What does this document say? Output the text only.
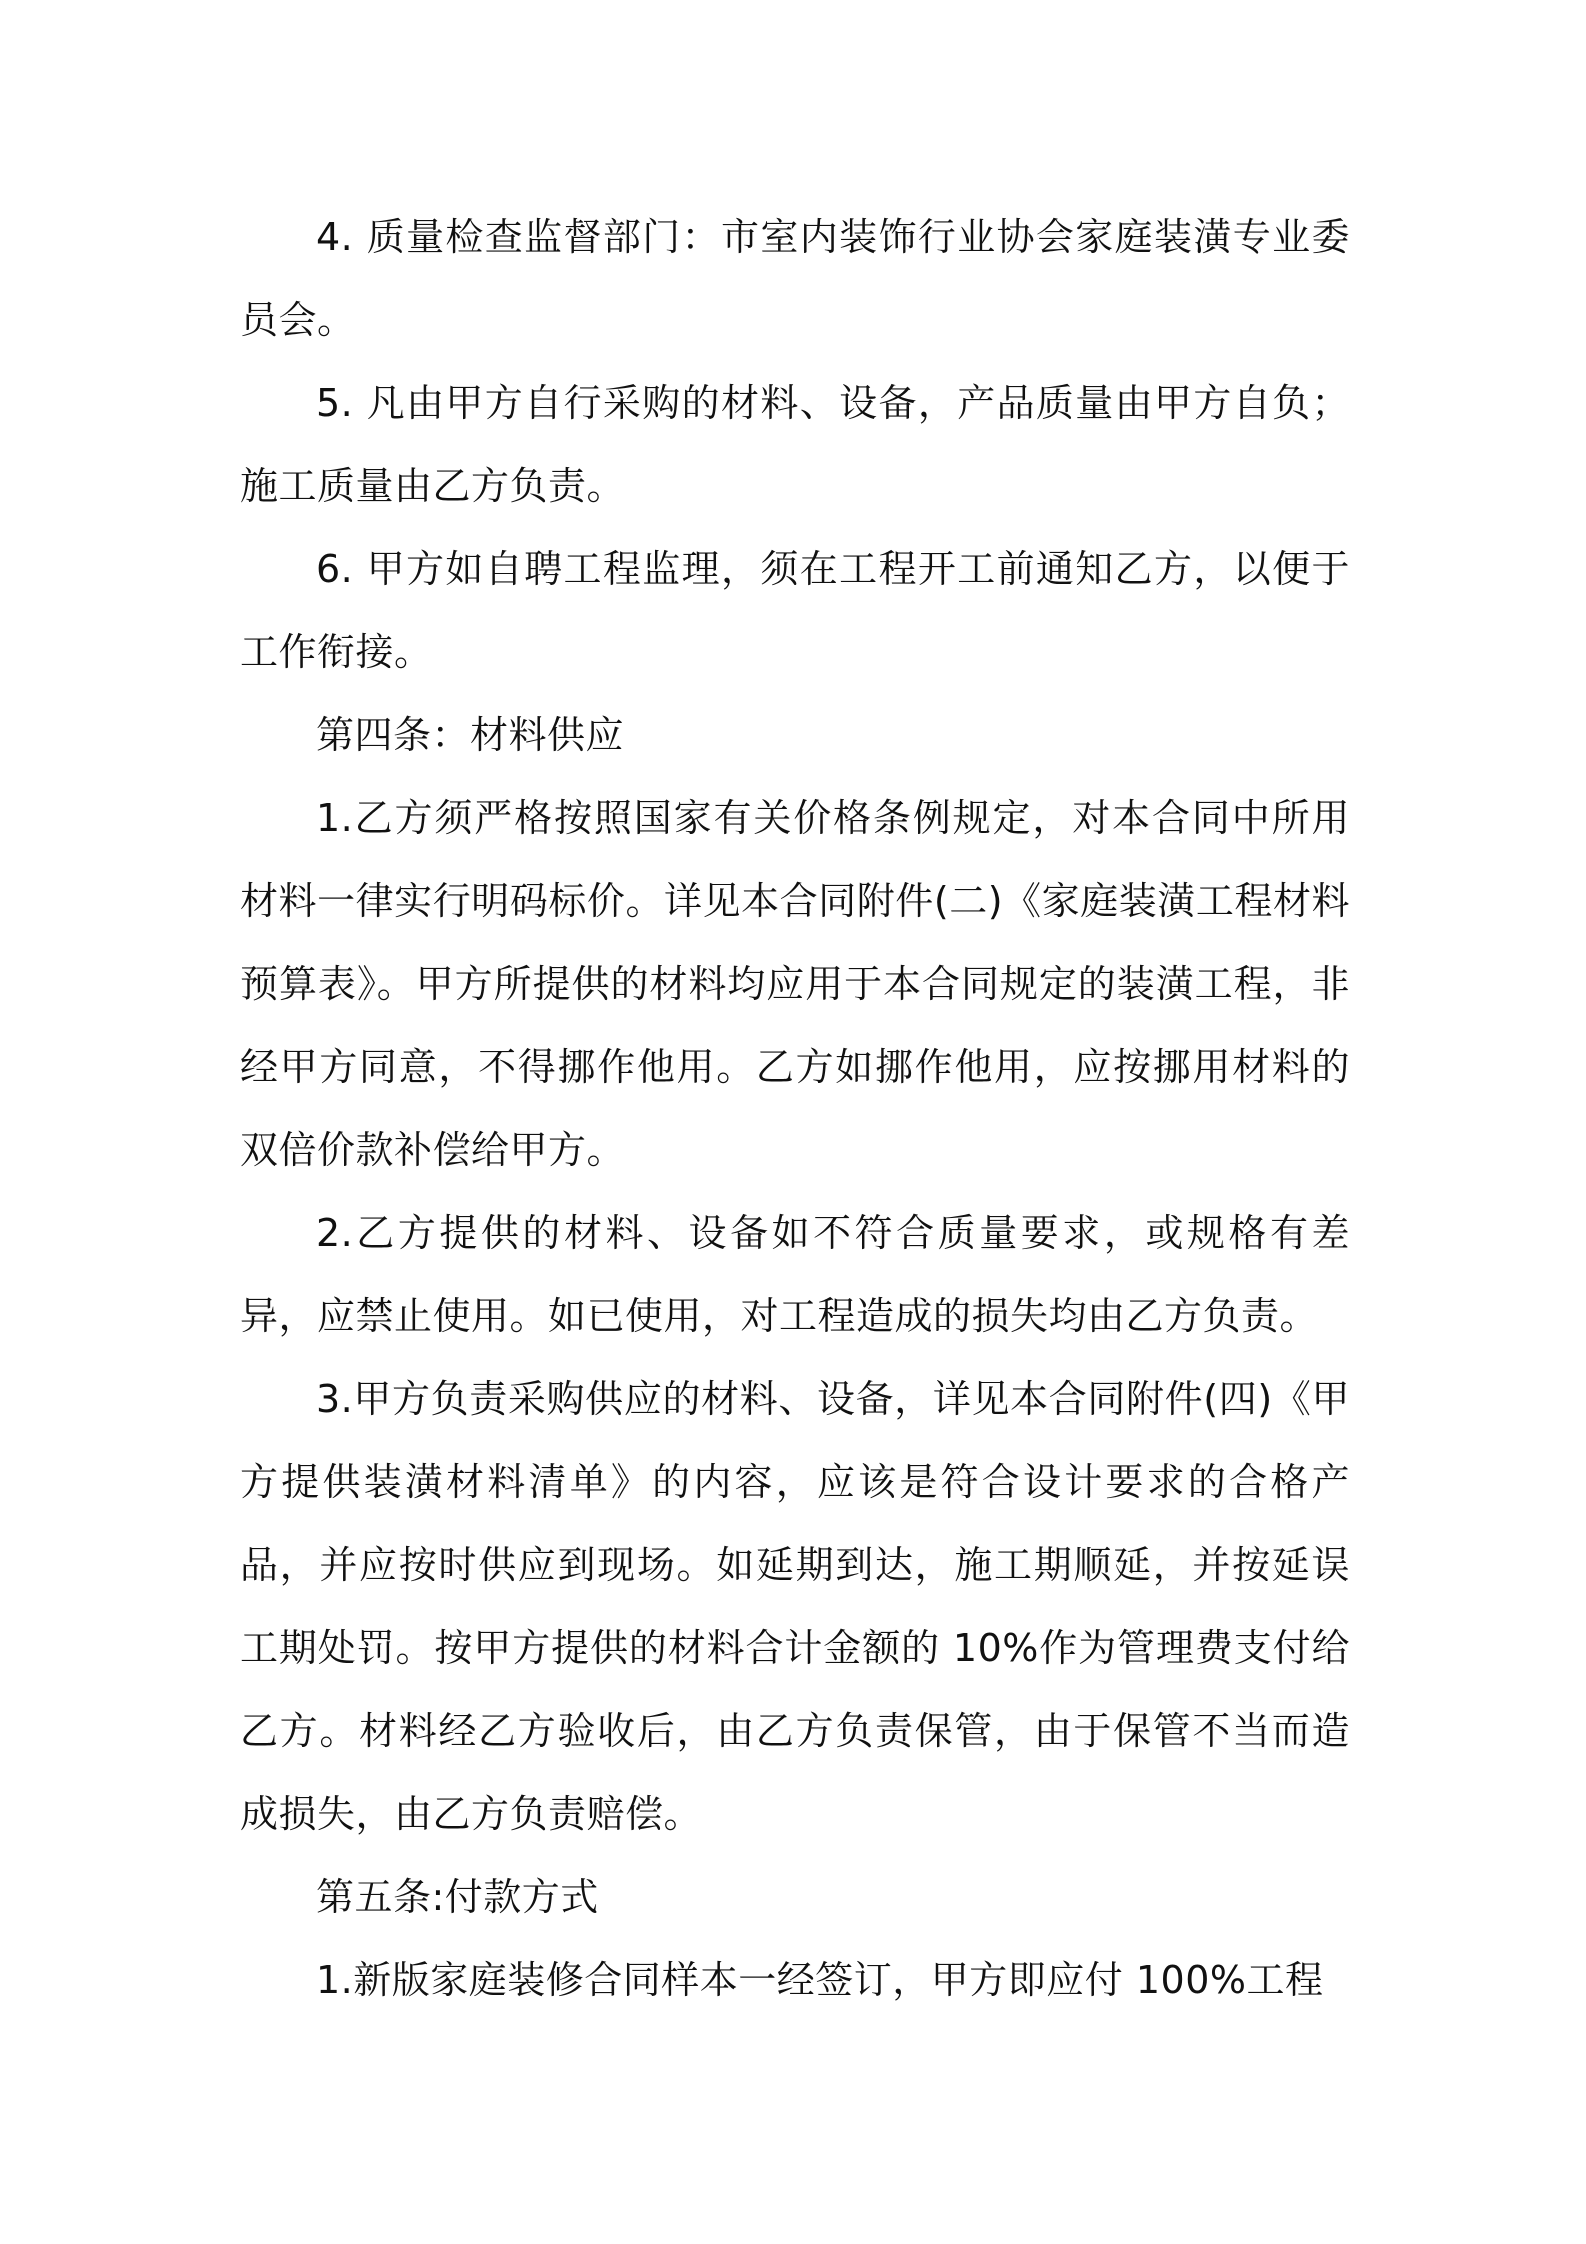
4. 质量检查监督部门：市室内装饰行业协会家庭装潢专业委员会。

5. 凡由甲方自行采购的材料、设备，产品质量由甲方自负；施工质量由乙方负责。

6. 甲方如自聘工程监理，须在工程开工前通知乙方，以便于工作衔接。

第四条：材料供应

1.乙方须严格按照国家有关价格条例规定，对本合同中所用材料一律实行明码标价。详见本合同附件(二)《家庭装潢工程材料预算表》。甲方所提供的材料均应用于本合同规定的装潢工程，非经甲方同意，不得挪作他用。乙方如挪作他用，应按挪用材料的双倍价款补偿给甲方。

2.乙方提供的材料、设备如不符合质量要求，或规格有差异，应禁止使用。如已使用，对工程造成的损失均由乙方负责。

3.甲方负责采购供应的材料、设备，详见本合同附件(四)《甲方提供装潢材料清单》的内容，应该是符合设计要求的合格产品，并应按时供应到现场。如延期到达，施工期顺延，并按延误工期处罚。按甲方提供的材料合计金额的 10%作为管理费支付给乙方。材料经乙方验收后，由乙方负责保管，由于保管不当而造成损失，由乙方负责赔偿。

第五条:付款方式

1.新版家庭装修合同样本一经签订，甲方即应付 100%工程
